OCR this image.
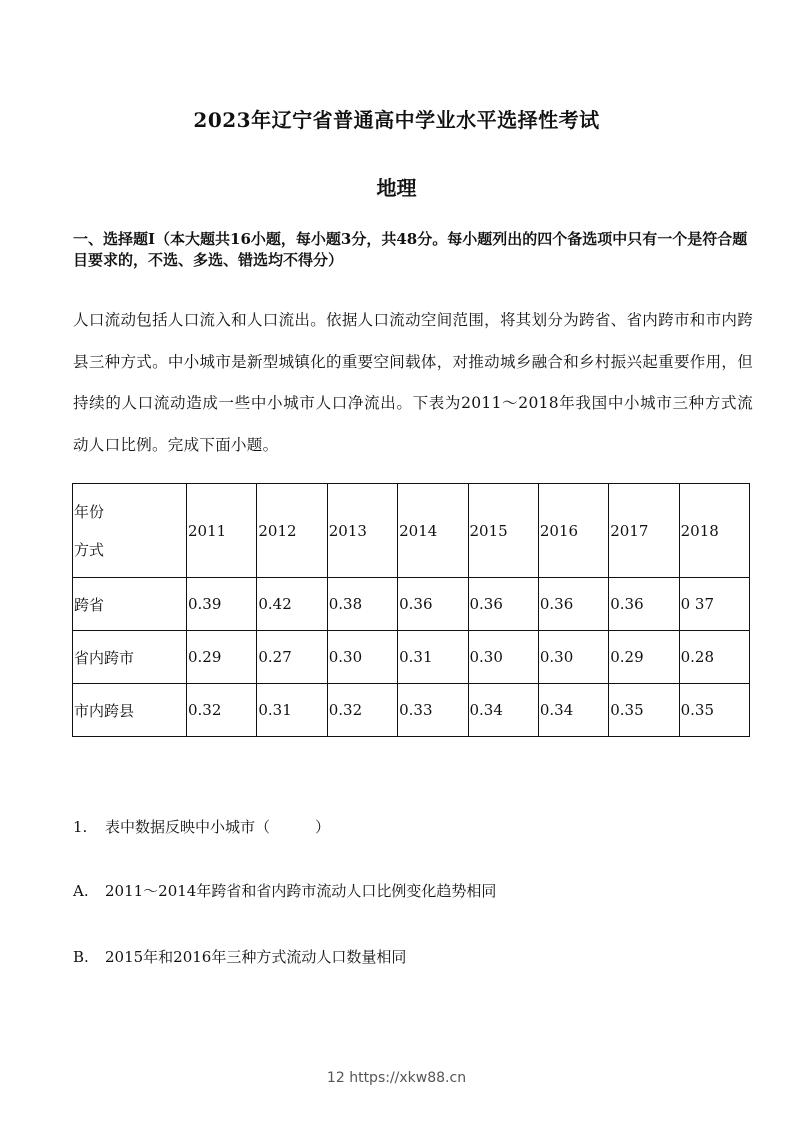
2023年辽宁省普通高中学业水平选择性考试
地理
一、选择题Ⅰ（本大题共16小题，每小题3分，共48分。每小题列出的四个备选项中只有一个是符合题目要求的，不选、多选、错选均不得分）
人口流动包括人口流入和人口流出。依据人口流动空间范围，将其划分为跨省、省内跨市和市内跨县三种方式。中小城市是新型城镇化的重要空间载体，对推动城乡融合和乡村振兴起重要作用，但持续的人口流动造成一些中小城市人口净流出。下表为2011～2018年我国中小城市三种方式流动人口比例。完成下面小题。
年份
方式	2011	2012	2013	2014	2015	2016	2017	2018
跨省	0.39	0.42	0.38	0.36	0.36	0.36	0.36	0 37
省内跨市	0.29	0.27	0.30	0.31	0.30	0.30	0.29	0.28
市内跨县	0.32	0.31	0.32	0.33	0.34	0.34	0.35	0.35
1. 表中数据反映中小城市（　　　）
A. 2011～2014年跨省和省内跨市流动人口比例变化趋势相同
B. 2015年和2016年三种方式流动人口数量相同
12 https://xkw88.cn
